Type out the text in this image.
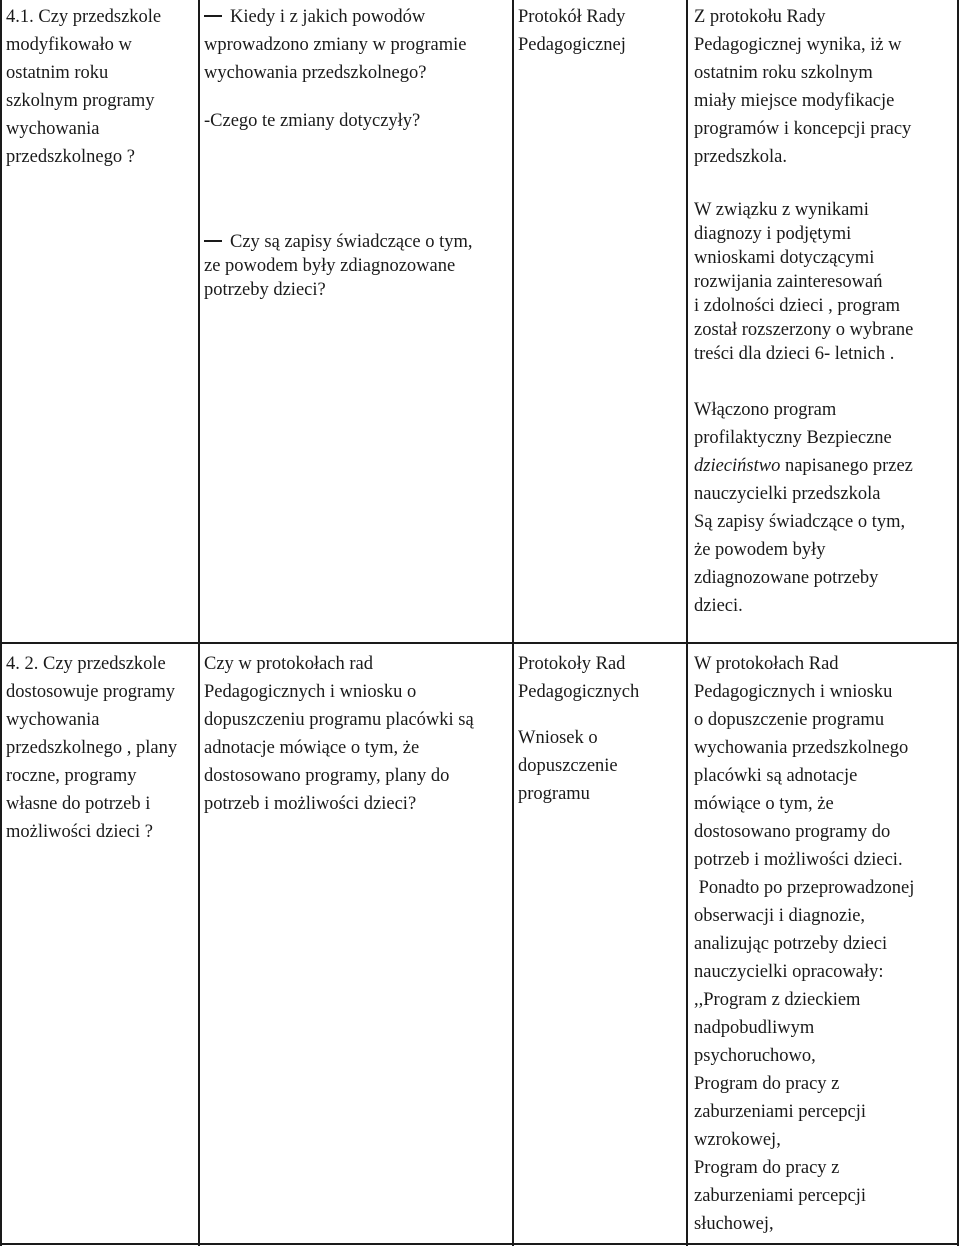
4.1. Czy przedszkole

modyfikowało w

ostatnim roku

szkolnym programy

wychowania

przedszkolnego ?

Kiedy i z jakich powodów

wprowadzono zmiany w programie

wychowania przedszkolnego?

-Czego te zmiany dotyczyły?

Czy są zapisy świadczące o tym,

ze powodem były zdiagnozowane

potrzeby dzieci?

Protokół Rady

Pedagogicznej

Z protokołu Rady

Pedagogicznej wynika, iż w

ostatnim roku szkolnym

miały miejsce modyfikacje

programów i koncepcji pracy

przedszkola.

W związku z wynikami

diagnozy i podjętymi

wnioskami dotyczącymi

rozwijania zainteresowań

i zdolności dzieci , program

został rozszerzony o wybrane

treści dla dzieci 6- letnich .

Włączono program

profilaktyczny Bezpieczne

dzieciństwo napisanego przez

nauczycielki przedszkola

Są zapisy świadczące o tym,

że powodem były

zdiagnozowane potrzeby

dzieci.

4. 2. Czy przedszkole

dostosowuje programy

wychowania

przedszkolnego , plany

roczne, programy

własne do potrzeb i

możliwości dzieci ?

Czy w protokołach rad

Pedagogicznych i wniosku o

dopuszczeniu programu placówki są

adnotacje mówiące o tym, że

dostosowano programy, plany do

potrzeb i możliwości dzieci?

Protokoły Rad

Pedagogicznych

Wniosek o

dopuszczenie

programu

W protokołach Rad

Pedagogicznych i wniosku

o dopuszczenie programu

wychowania przedszkolnego

placówki są adnotacje

mówiące o tym, że

dostosowano programy do

potrzeb i możliwości dzieci.

Ponadto po przeprowadzonej

obserwacji i diagnozie,

analizując potrzeby dzieci

nauczycielki opracowały:

,,Program z dzieckiem

nadpobudliwym

psychoruchowo,

Program do pracy z

zaburzeniami percepcji

wzrokowej,

Program do pracy z

zaburzeniami percepcji

słuchowej,
